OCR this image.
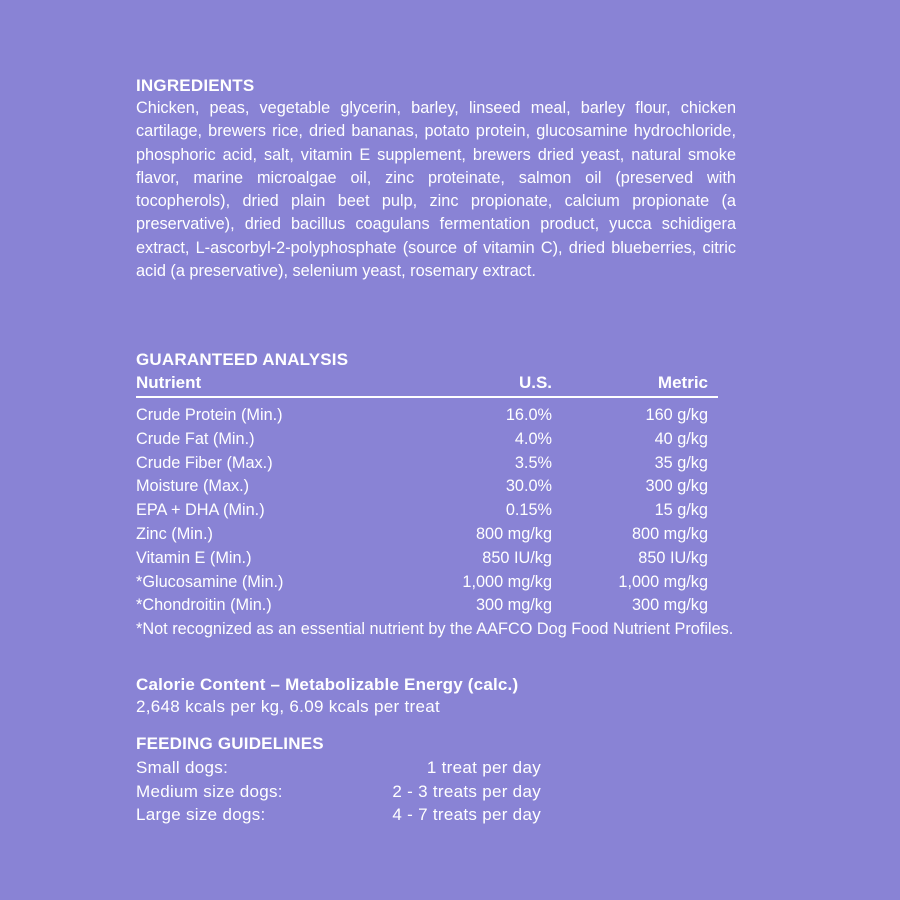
INGREDIENTS
Chicken, peas, vegetable glycerin, barley, linseed meal, barley flour, chicken cartilage, brewers rice, dried bananas, potato protein, glucosamine hydrochloride, phosphoric acid, salt, vitamin E supplement, brewers dried yeast, natural smoke flavor, marine microalgae oil, zinc proteinate, salmon oil (preserved with tocopherols), dried plain beet pulp, zinc propionate, calcium propionate (a preservative), dried bacillus coagulans fermentation product, yucca schidigera extract, L-ascorbyl-2-polyphosphate (source of vitamin C), dried blueberries, citric acid (a preservative), selenium yeast, rosemary extract.
GUARANTEED ANALYSIS
Nutrient	U.S.	Metric
Crude Protein (Min.)	16.0%	160 g/kg
Crude Fat (Min.)	4.0%	40 g/kg
Crude Fiber (Max.)	3.5%	35 g/kg
Moisture (Max.)	30.0%	300 g/kg
EPA + DHA (Min.)	0.15%	15 g/kg
Zinc (Min.)	800 mg/kg	800 mg/kg
Vitamin E (Min.)	850 IU/kg	850 IU/kg
*Glucosamine (Min.)	1,000 mg/kg	1,000 mg/kg
*Chondroitin (Min.)	300 mg/kg	300 mg/kg
*Not recognized as an essential nutrient by the AAFCO Dog Food Nutrient Profiles.
Calorie Content – Metabolizable Energy (calc.)
2,648 kcals per kg, 6.09 kcals per treat
FEEDING GUIDELINES
Small dogs:	1 treat per day
Medium size dogs:	2 - 3 treats per day
Large size dogs:	4 - 7 treats per day
